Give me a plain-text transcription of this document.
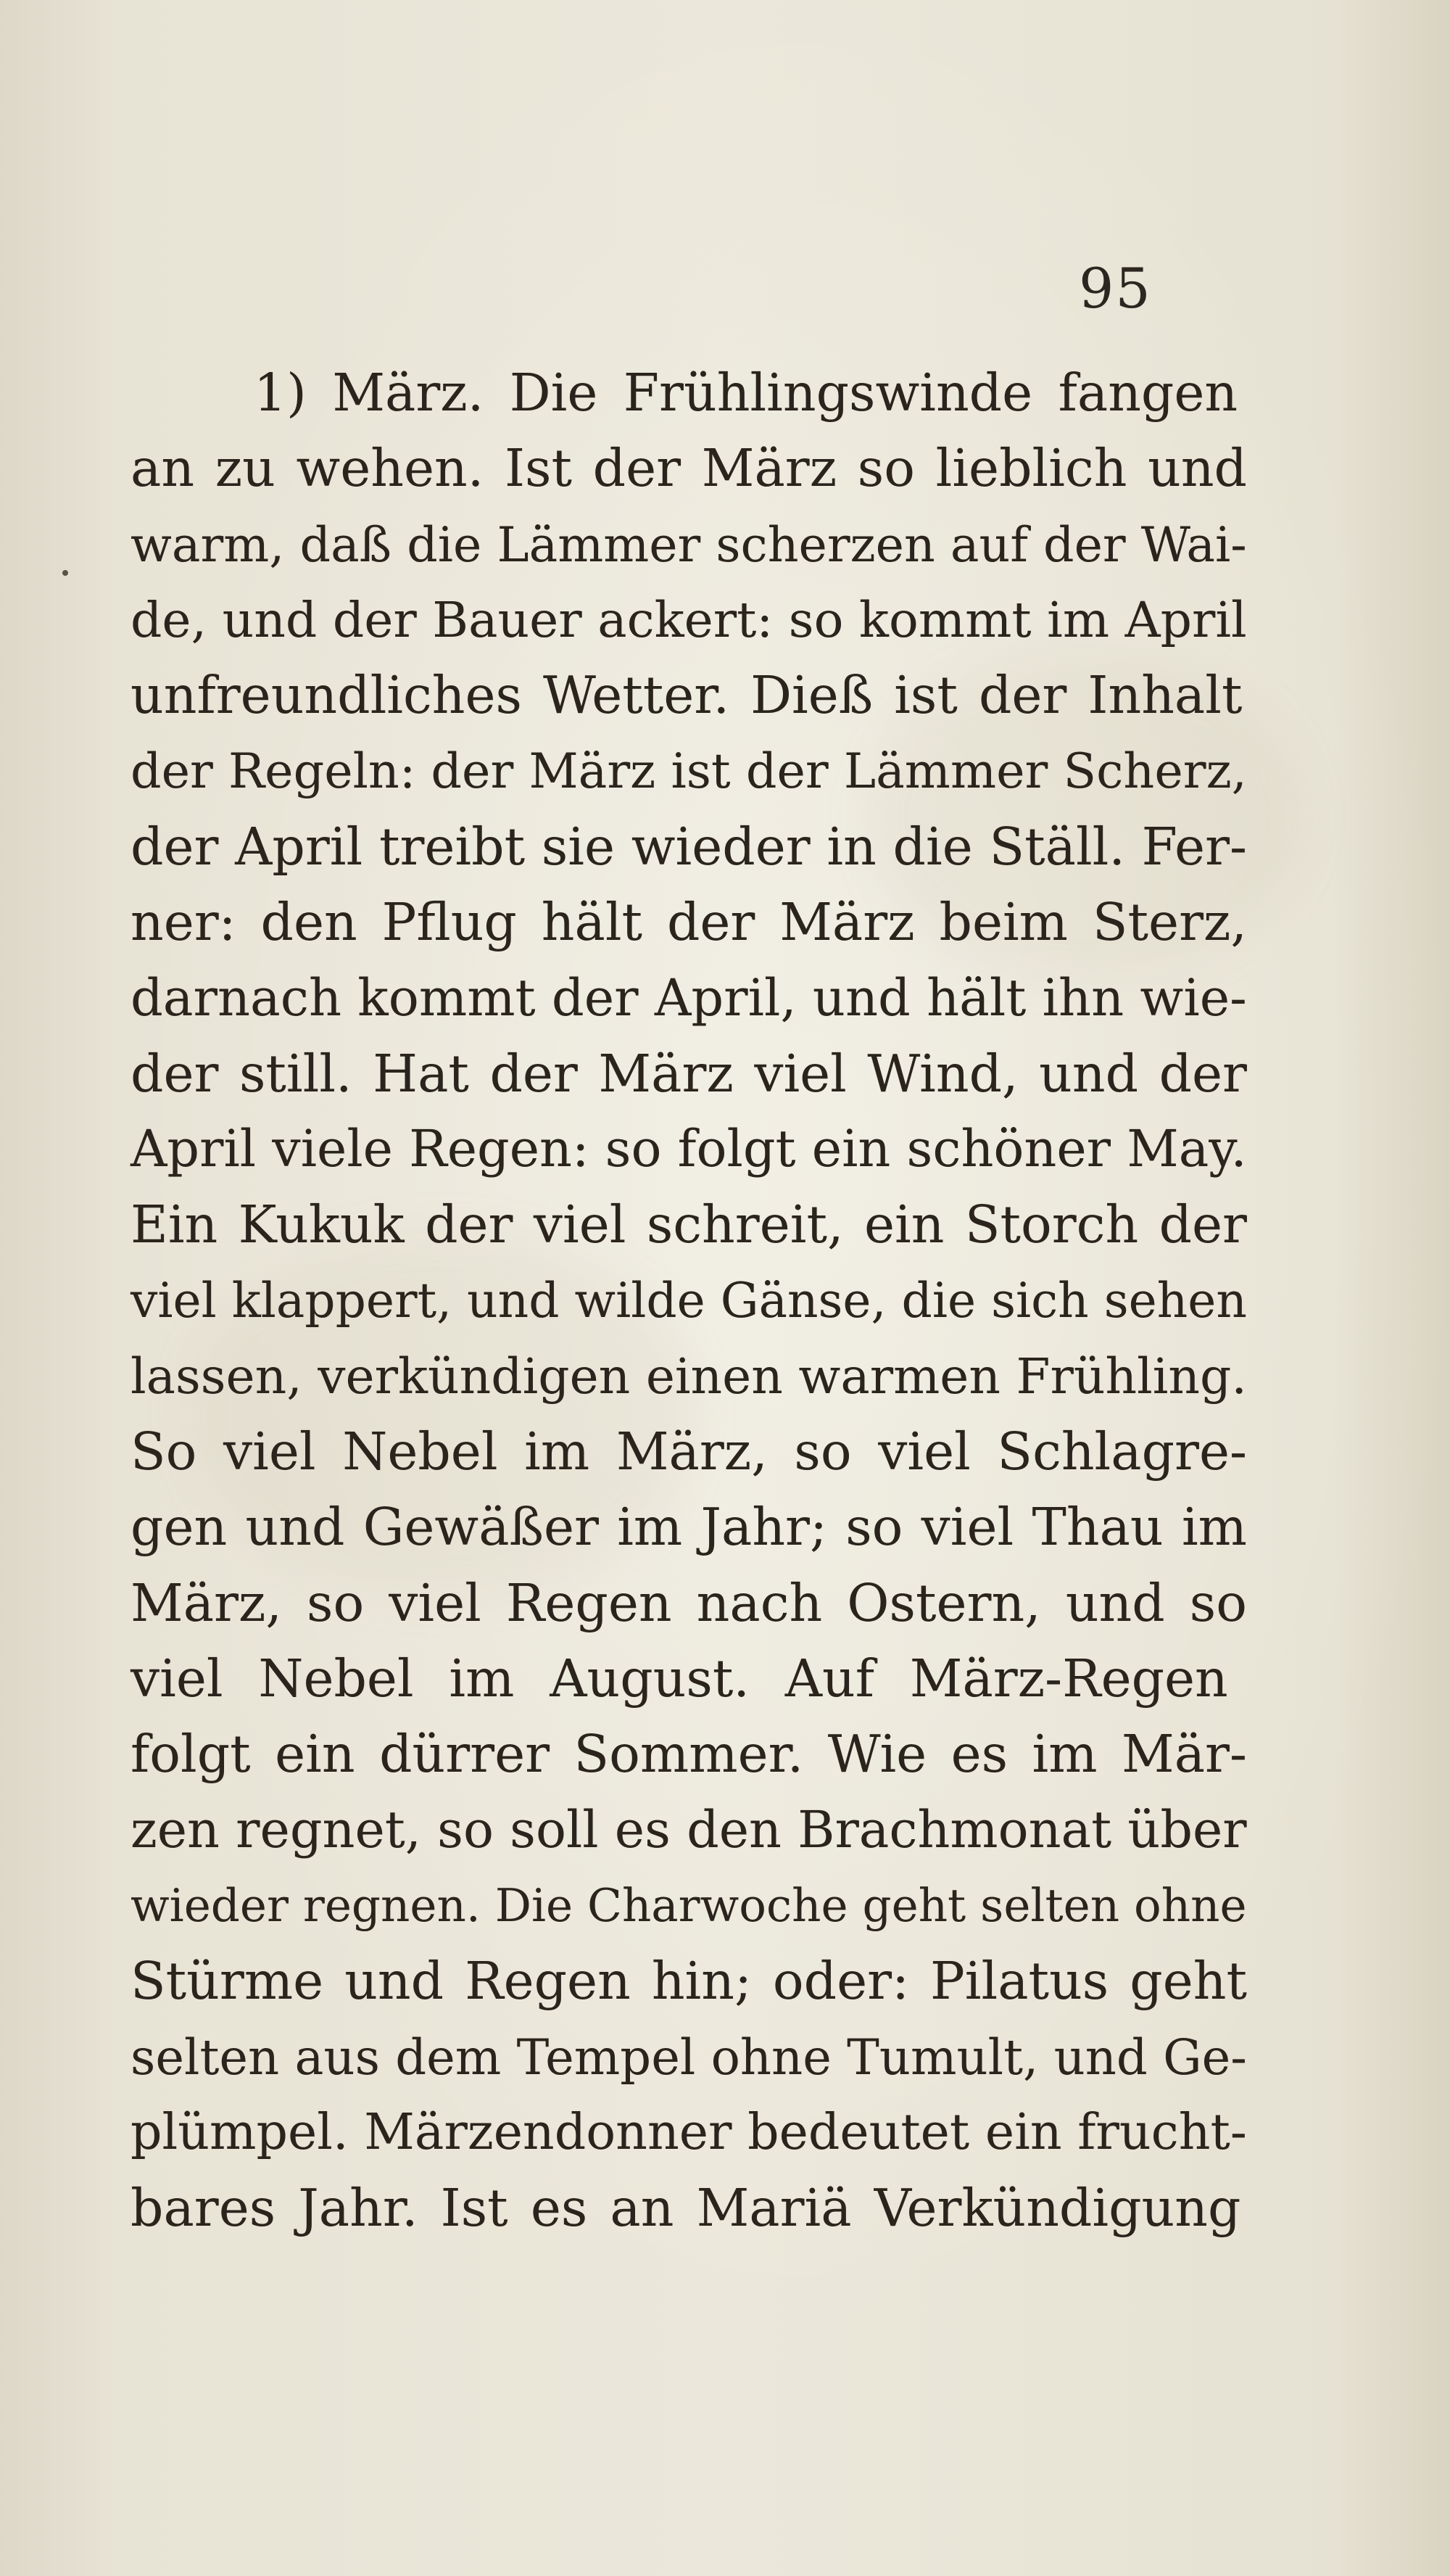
95

1) März. Die Frühlingswinde fangen
an zu wehen. Ist der März so lieblich und
warm, daß die Lämmer scherzen auf der Wai-
de, und der Bauer ackert: so kommt im April
unfreundliches Wetter. Dieß ist der Inhalt
der Regeln: der März ist der Lämmer Scherz,
der April treibt sie wieder in die Ställ. Fer-
ner: den Pflug hält der März beim Sterz,
darnach kommt der April, und hält ihn wie-
der still. Hat der März viel Wind, und der
April viele Regen: so folgt ein schöner May.
Ein Kukuk der viel schreit, ein Storch der
viel klappert, und wilde Gänse, die sich sehen
lassen, verkündigen einen warmen Frühling.
So viel Nebel im März, so viel Schlagre-
gen und Gewäßer im Jahr; so viel Thau im
März, so viel Regen nach Ostern, und so
viel Nebel im August. Auf März-Regen
folgt ein dürrer Sommer. Wie es im Mär-
zen regnet, so soll es den Brachmonat über
wieder regnen. Die Charwoche geht selten ohne
Stürme und Regen hin; oder: Pilatus geht
selten aus dem Tempel ohne Tumult, und Ge-
plümpel. Märzendonner bedeutet ein frucht-
bares Jahr. Ist es an Mariä Verkündigung
